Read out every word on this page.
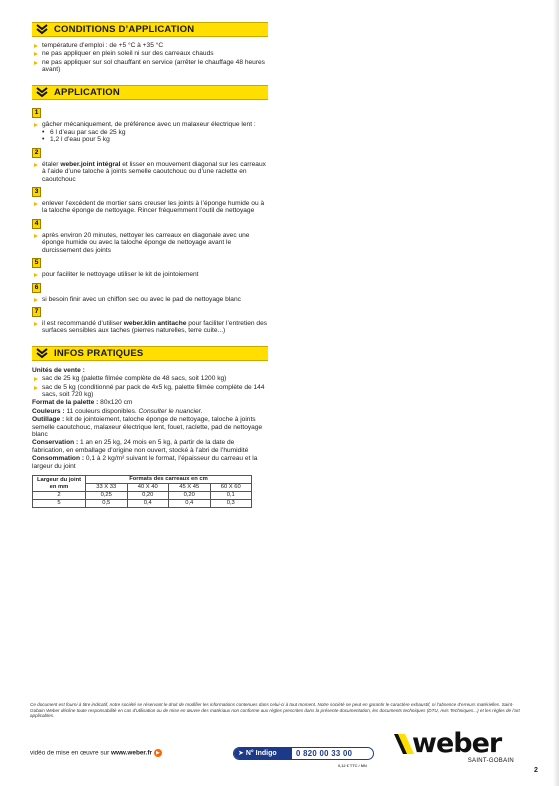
CONDITIONS D’APPLICATION
température d’emploi : de +5 °C à +35 °C
ne pas appliquer en plein soleil ni sur des carreaux chauds
ne pas appliquer sur sol chauffant en service (arrêter le chauffage 48 heures avant)
APPLICATION
1
gâcher mécaniquement, de préférence avec un malaxeur électrique lent :
• 6 l d’eau par sac de 25 kg
• 1,2 l d’eau pour 5 kg
2
étaler weber.joint intégral et lisser en mouvement diagonal sur les carreaux à l’aide d’une taloche à joints semelle caoutchouc ou d’une raclette en caoutchouc
3
enlever l’excédent de mortier sans creuser les joints à l’éponge humide ou à la taloche éponge de nettoyage. Rincer fréquemment l’outil de nettoyage
4
après environ 20 minutes, nettoyer les carreaux en diagonale avec une éponge humide ou avec la taloche éponge de nettoyage avant le durcissement des joints
5
pour faciliter le nettoyage utiliser le kit de jointoiement
6
si besoin finir avec un chiffon sec ou avec le pad de nettoyage blanc
7
il est recommandé d’utiliser weber.klin antitache pour faciliter l’entretien des surfaces sensibles aux taches (pierres naturelles, terre cuite...)
INFOS PRATIQUES
Unités de vente :
sac de 25 kg (palette filmée complète de 48 sacs, soit 1200 kg)
sac de 5 kg (conditionné par pack de 4x5 kg, palette filmée complète de 144 sacs, soit 720 kg)
Format de la palette : 80x120 cm
Couleurs : 11 couleurs disponibles. Consulter le nuancier.
Outillage : kit de jointoiement, taloche éponge de nettoyage, taloche à joints semelle caoutchouc, malaxeur électrique lent, fouet, raclette, pad de nettoyage blanc
Conservation : 1 an en 25 kg, 24 mois en 5 kg, à partir de la date de fabrication, en emballage d’origine non ouvert, stocké à l’abri de l’humidité
Consommation : 0,1 à 2 kg/m² suivant le format, l’épaisseur du carreau et la largeur du joint
Largeur du joint en mm	Formats des carreaux en cm			
	33 X 33	40 X 40	45 X 45	60 X 60
2	0,25	0,20	0,20	0,1
5	0,5	0,4	0,4	0,3
Ce document est fourni à titre indicatif, notre société se réservant le droit de modifier les informations contenues dans celui-ci à tout moment. Notre société ne peut en garantir le caractère exhaustif, ni l’absence d’erreurs matérielles. Saint-Gobain Weber décline toute responsabilité en cas d’utilisation ou de mise en œuvre des matériaux non conforme aux règles prescrites dans la présente documentation, les documents techniques (DTU, Avis Techniques...) et les règles de l’art applicables.
vidéo de mise en œuvre sur www.weber.fr ▶	➤ N° Indigo	0 820 00 33 00
0,12 € TTC / MN
weber
SAINT-GOBAIN
2
